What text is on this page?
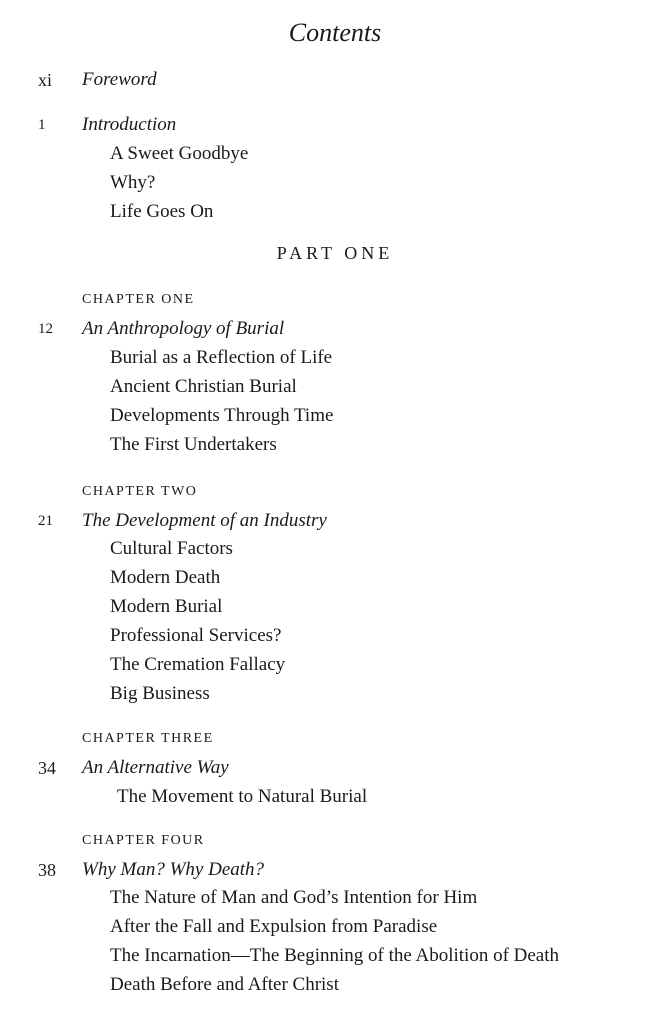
Contents
xi Foreword
1 Introduction
A Sweet Goodbye
Why?
Life Goes On
PART ONE
CHAPTER ONE
12 An Anthropology of Burial
Burial as a Reflection of Life
Ancient Christian Burial
Developments Through Time
The First Undertakers
CHAPTER TWO
21 The Development of an Industry
Cultural Factors
Modern Death
Modern Burial
Professional Services?
The Cremation Fallacy
Big Business
CHAPTER THREE
34 An Alternative Way
The Movement to Natural Burial
CHAPTER FOUR
38 Why Man? Why Death?
The Nature of Man and God’s Intention for Him
After the Fall and Expulsion from Paradise
The Incarnation—The Beginning of the Abolition of Death
Death Before and After Christ
